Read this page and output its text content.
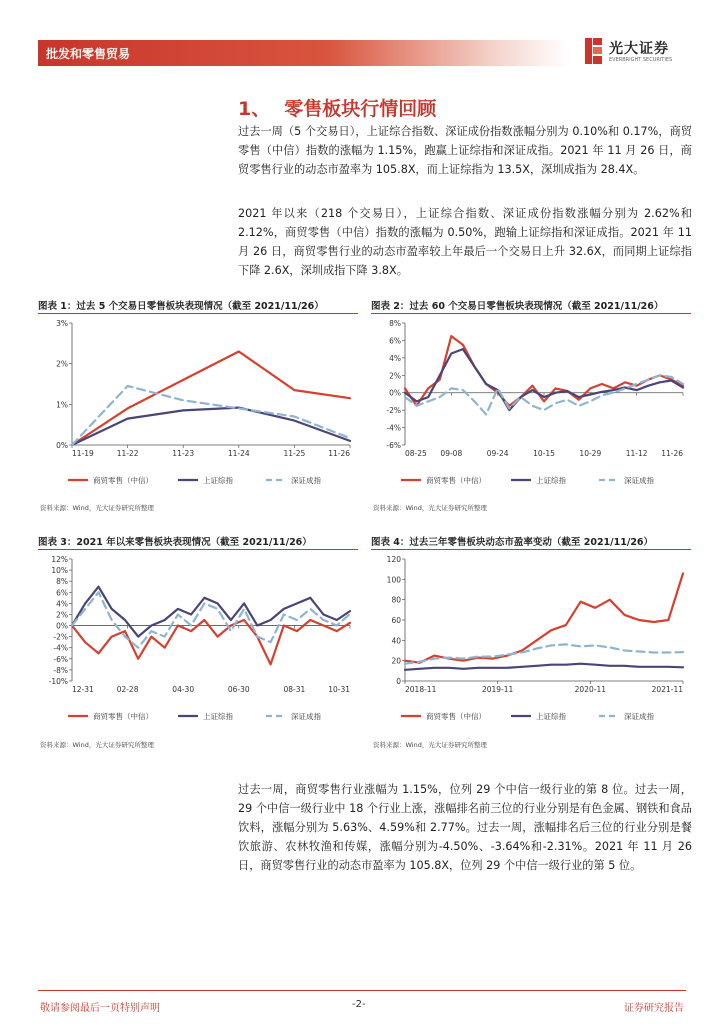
批发和零售贸易	光大证券
EVERBRIGHT SECURITIES
1、 零售板块行情回顾
过去一周（5 个交易日），上证综合指数、深证成份指数涨幅分别为 0.10%和 0.17%，商贸零售（中信）指数的涨幅为 1.15%，跑赢上证综指和深证成指。2021 年 11 月 26 日，商贸零售行业的动态市盈率为 105.8X，而上证综指为 13.5X，深圳成指为 28.4X。
2021 年以来（218 个交易日），上证综合指数、深证成份指数涨幅分别为 2.62%和 2.12%，商贸零售（中信）指数的涨幅为 0.50%，跑输上证综指和深证成指。2021 年 11 月 26 日，商贸零售行业的动态市盈率较上年最后一个交易日上升 32.6X，而同期上证综指下降 2.6X，深圳成指下降 3.8X。
图表 1：过去 5 个交易日零售板块表现情况（截至 2021/11/26）
0%
1%
2%
3%
11-19	11-22	11-23	11-24	11-25	11-26
商贸零售（中信）	上证综指	深证成指
资料来源：Wind，光大证券研究所整理
图表 2：过去 60 个交易日零售板块表现情况（截至 2021/11/26）
-6%
-4%
-2%
0%
2%
4%
6%
8%
08-25 09-08	09-24	10-15	10-29	11-12 11-26
商贸零售（中信）	上证综指	深证成指
资料来源：Wind，光大证券研究所整理
图表 3：2021 年以来零售板块表现情况（截至 2021/11/26）
-10%
-8%
-6%
-4%
-2%
0%
2%
4%
6%
8%
10%
12%
12-31	02-28	04-30	06-30	08-31	10-31
商贸零售（中信）	上证综指	深证成指
资料来源：Wind，光大证券研究所整理
图表 4：过去三年零售板块动态市盈率变动（截至 2021/11/26）
0
20
40
60
80
100
120
2018-11	2019-11	2020-11	2021-11
商贸零售（中信）	上证综指	深证成指
资料来源：Wind，光大证券研究所整理
过去一周，商贸零售行业涨幅为 1.15%，位列 29 个中信一级行业的第 8 位。过去一周，29 个中信一级行业中 18 个行业上涨，涨幅排名前三位的行业分别是有色金属、钢铁和食品饮料，涨幅分别为 5.63%、4.59%和 2.77%。过去一周，涨幅排名后三位的行业分别是餐饮旅游、农林牧渔和传媒，涨幅分别为-4.50%、-3.64%和-2.31%。2021 年 11 月 26 日，商贸零售行业的动态市盈率为 105.8X，位列 29 个中信一级行业的第 5 位。
敬请参阅最后一页特别声明	-2-	证券研究报告
